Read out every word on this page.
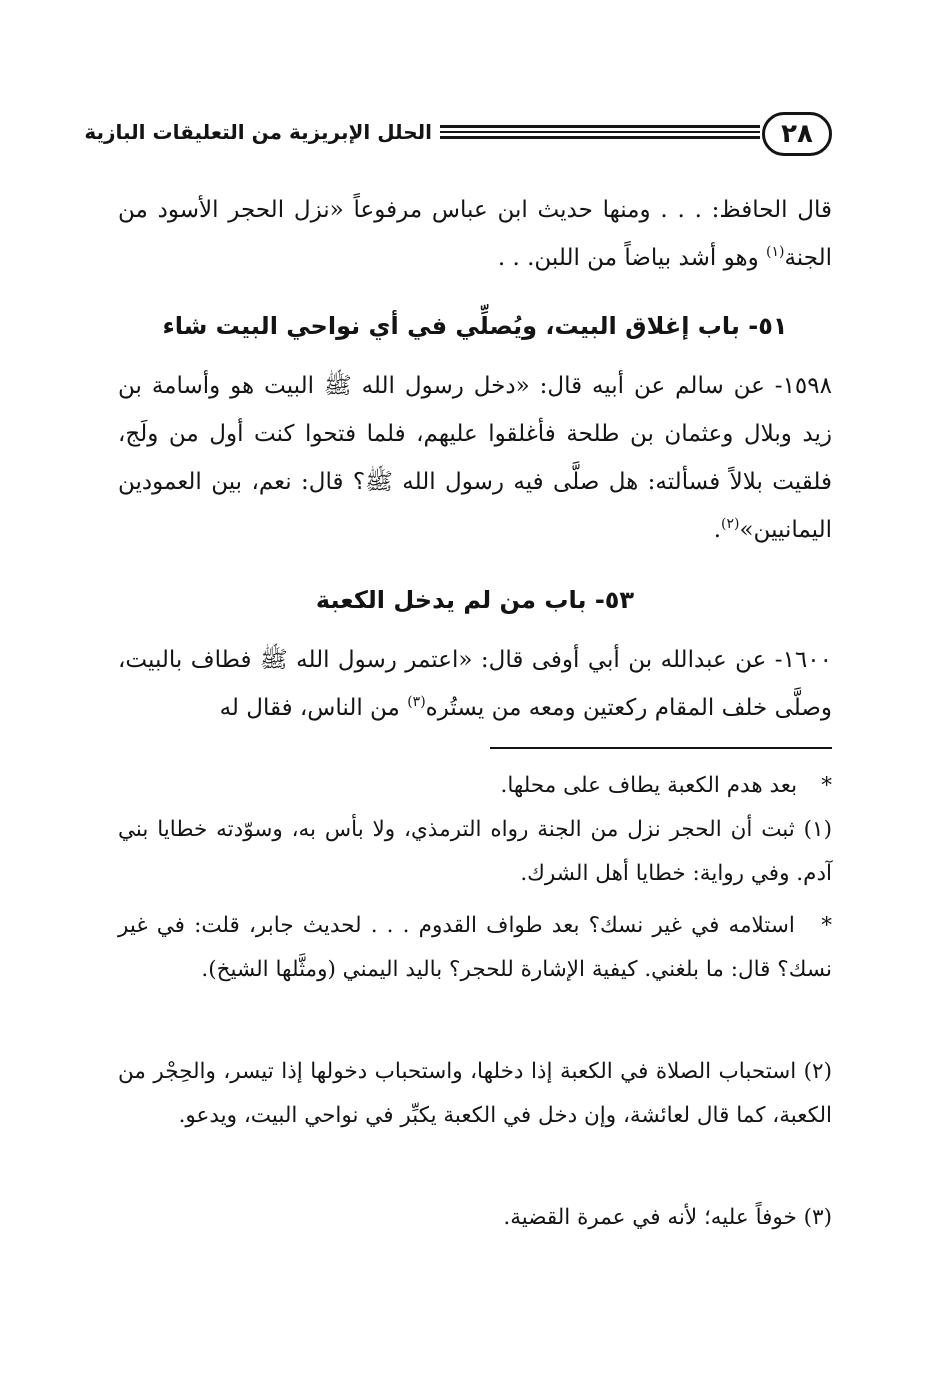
٢٨
الحلل الإبريزية من التعليقات البازية
قال الحافظ: . . . ومنها حديث ابن عباس مرفوعاً «نزل الحجر الأسود من الجنة$^{(١)}$ وهو أشد بياضاً من اللبن. . .
٥١- باب إغلاق البيت، ويُصلِّي في أي نواحي البيت شاء
١٥٩٨- عن سالم عن أبيه قال: «دخل رسول الله ﷺ البيت هو وأسامة بن زيد وبلال وعثمان بن طلحة فأغلقوا عليهم، فلما فتحوا كنت أول من ولَج، فلقيت بلالاً فسألته: هل صلَّى فيه رسول الله ﷺ؟ قال: نعم، بين العمودين اليمانيين»$^{(٢)}$.
٥٣- باب من لم يدخل الكعبة
١٦٠٠- عن عبدالله بن أبي أوفى قال: «اعتمر رسول الله ﷺ فطاف بالبيت، وصلَّى خلف المقام ركعتين ومعه من يستُره$^{(٣)}$ من الناس، فقال له
* بعد هدم الكعبة يطاف على محلها.
(١) ثبت أن الحجر نزل من الجنة رواه الترمذي، ولا بأس به، وسوّدته خطايا بني آدم. وفي رواية: خطايا أهل الشرك.
* استلامه في غير نسك؟ بعد طواف القدوم . . . لحديث جابر، قلت: في غير نسك؟ قال: ما بلغني. كيفية الإشارة للحجر؟ باليد اليمني (ومثَّلها الشيخ).
(٢) استحباب الصلاة في الكعبة إذا دخلها، واستحباب دخولها إذا تيسر، والحِجْر من الكعبة، كما قال لعائشة، وإن دخل في الكعبة يكبِّر في نواحي البيت، ويدعو.
(٣) خوفاً عليه؛ لأنه في عمرة القضية.
